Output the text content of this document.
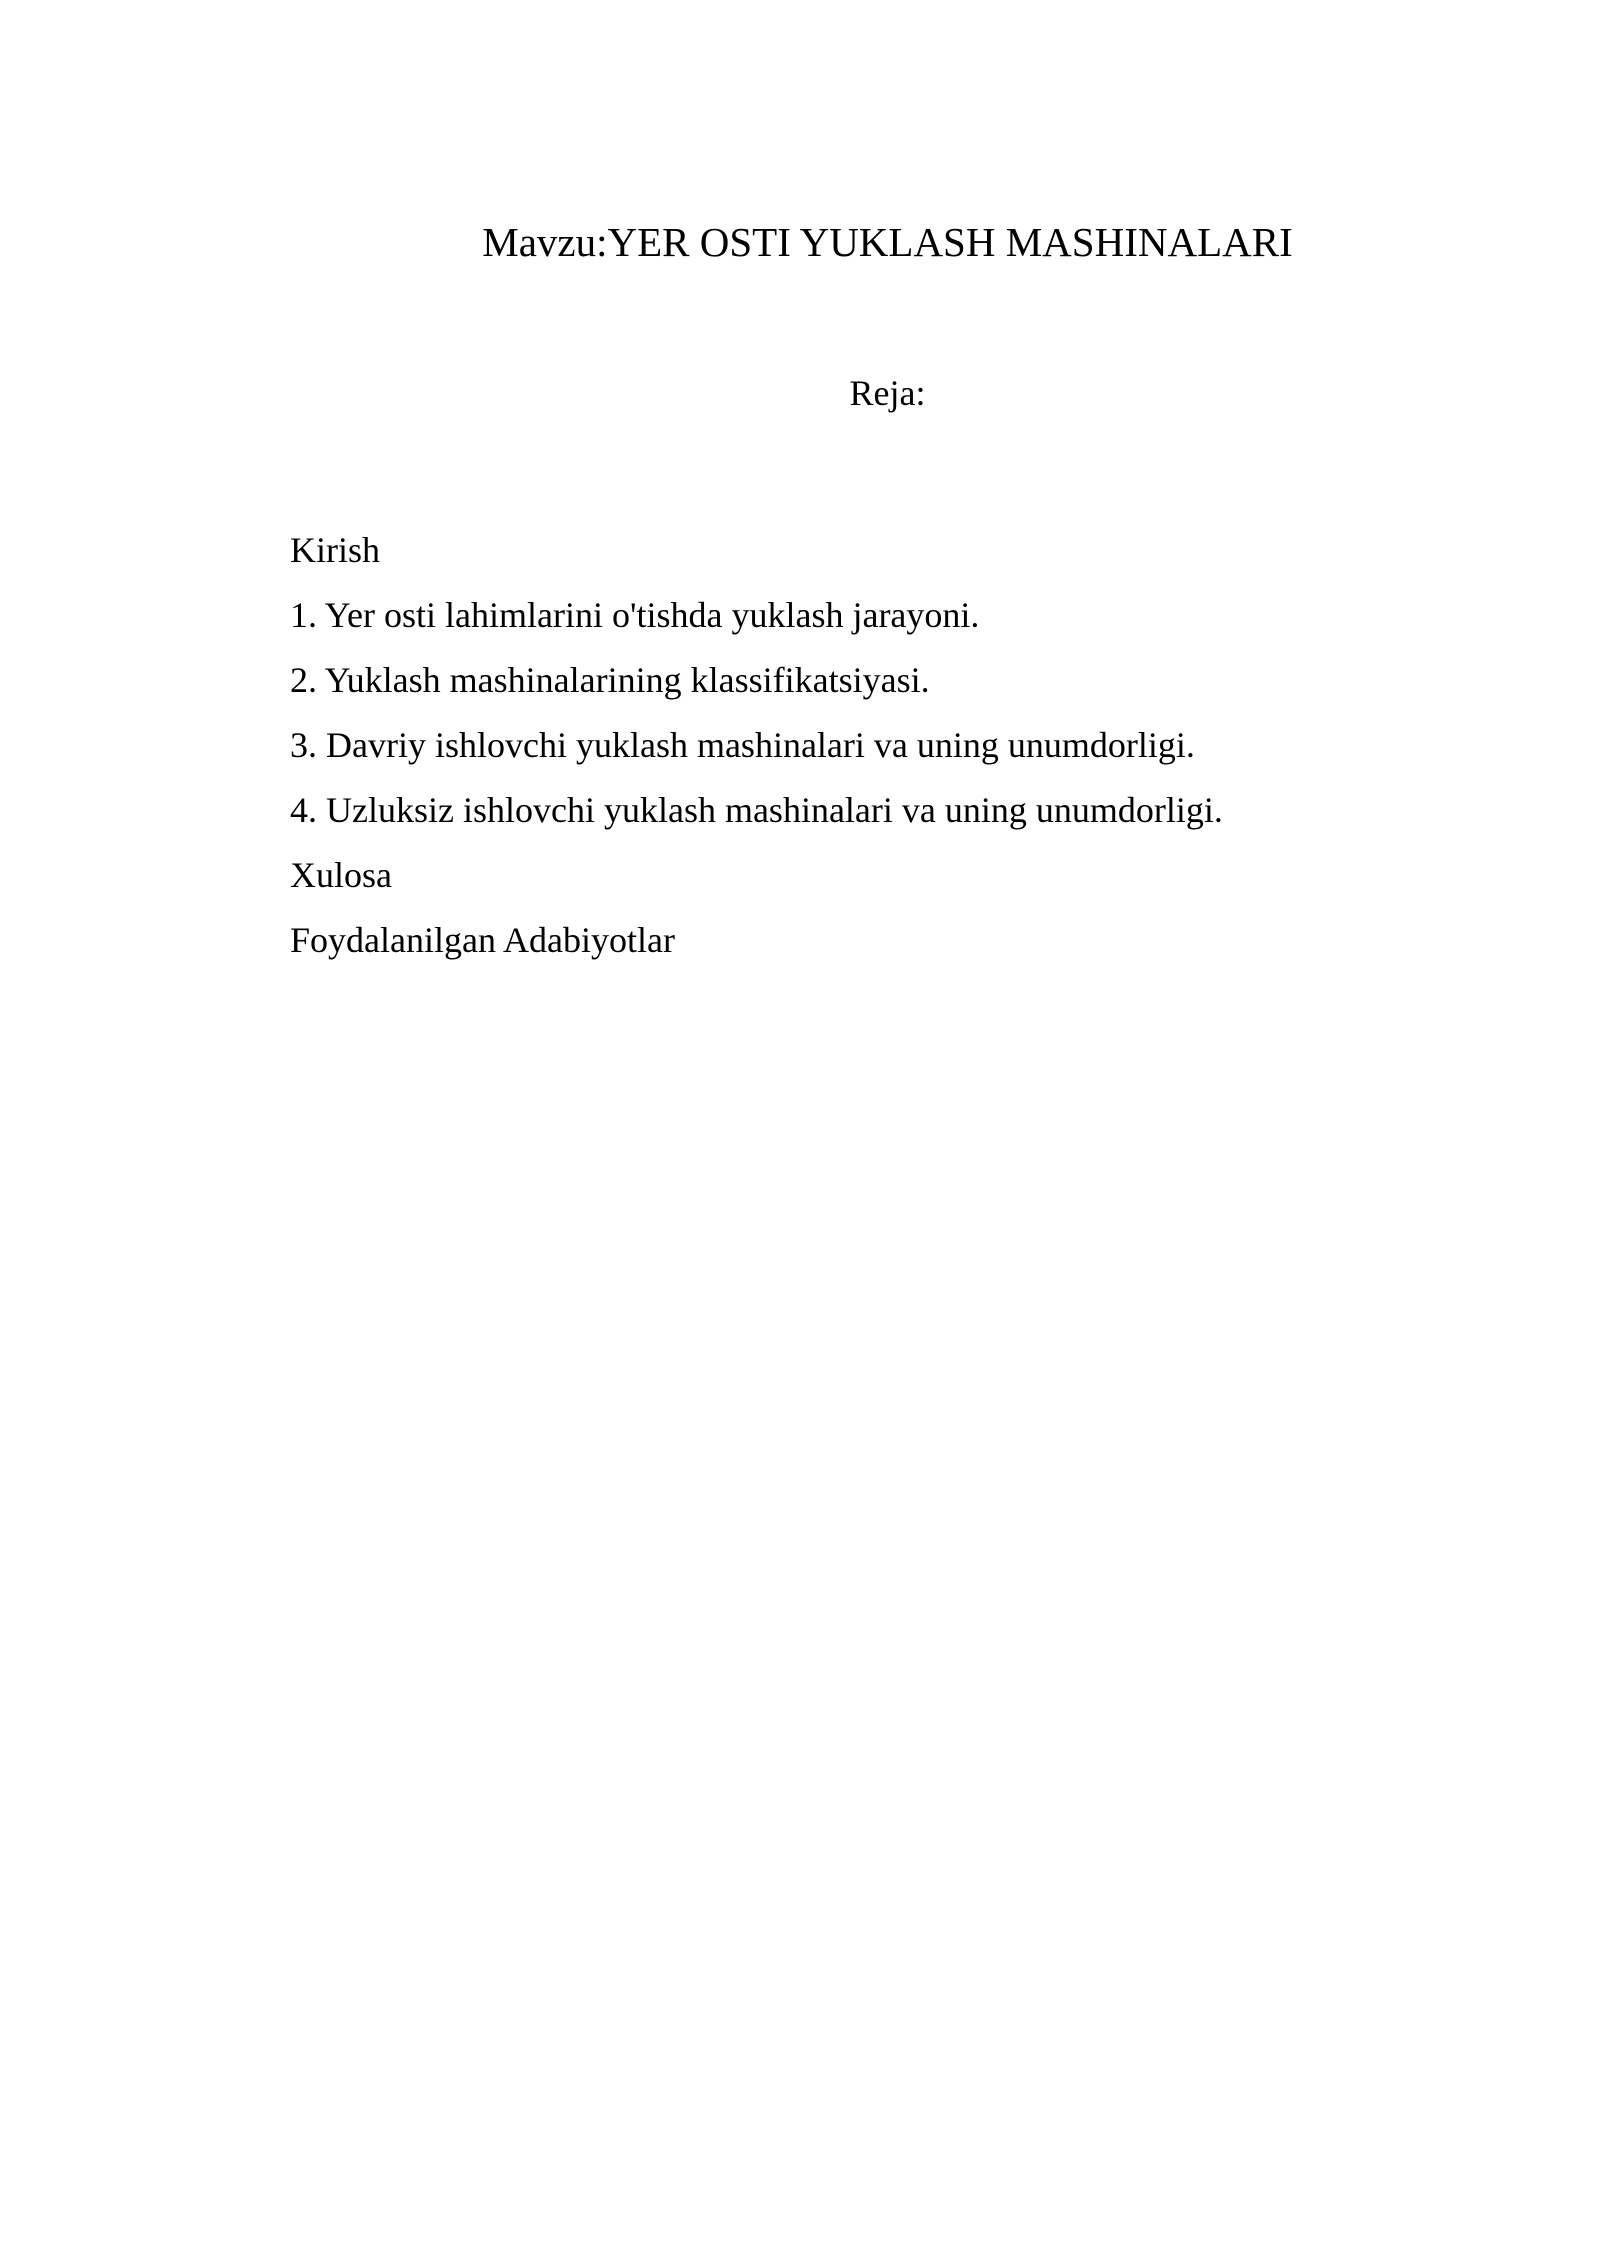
Mavzu:YER OSTI YUKLASH MASHINALARI
Reja:
Kirish
1. Yer osti lahimlarini o'tishda yuklash jarayoni.
2. Yuklash mashinalarining klassifikatsiyasi.
3. Davriy ishlovchi yuklash mashinalari va uning unumdorligi.
4. Uzluksiz ishlovchi yuklash mashinalari va uning unumdorligi.
Xulosa
Foydalanilgan Adabiyotlar
